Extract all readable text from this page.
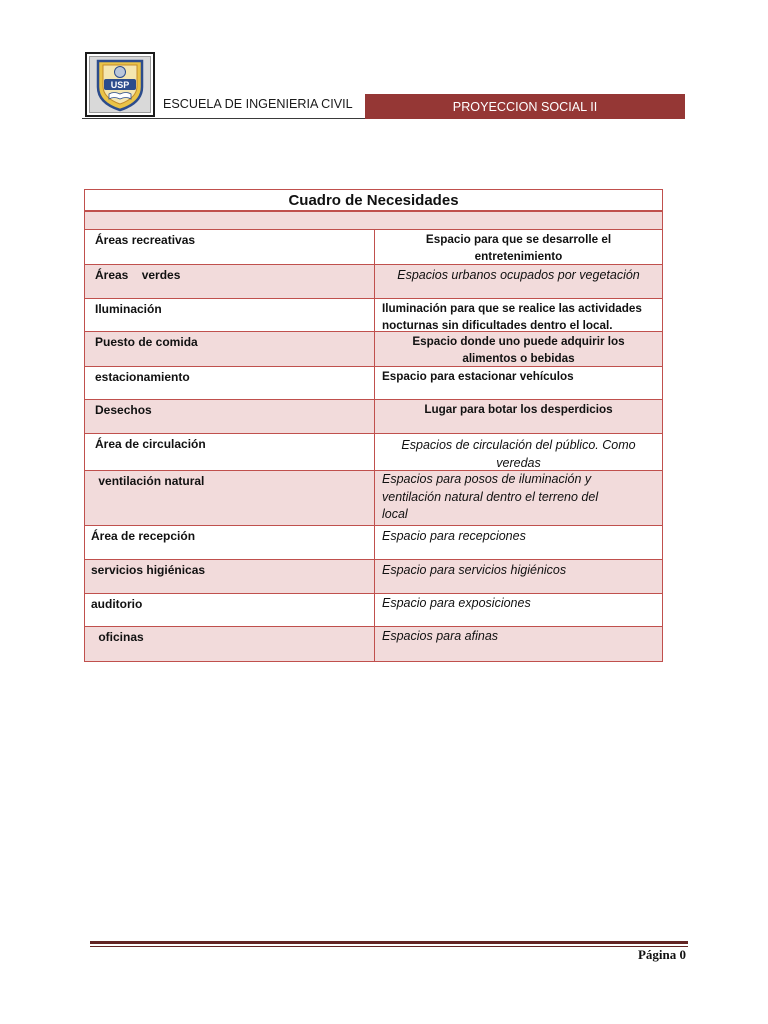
USP
ESCUELA DE INGENIERIA CIVIL	PROYECCION SOCIAL II
Cuadro de Necesidades
Áreas recreativas	Espacio para que se desarrolle el entretenimiento
Áreas    verdes	Espacios urbanos ocupados por vegetación
Iluminación	Iluminación para que se realice las actividades nocturnas sin dificultades dentro el local.
Puesto de comida	Espacio donde uno puede adquirir los alimentos o bebidas
estacionamiento	Espacio para estacionar vehículos
Desechos	Lugar para botar los desperdicios
Área de circulación	Espacios de circulación del público. Como veredas
ventilación natural	Espacios para posos de iluminación y ventilación natural dentro el terreno del local
Área de recepción	Espacio para recepciones
servicios higiénicas	Espacio para servicios higiénicos
auditorio	Espacio para exposiciones
oficinas	Espacios para afinas
Página 0
